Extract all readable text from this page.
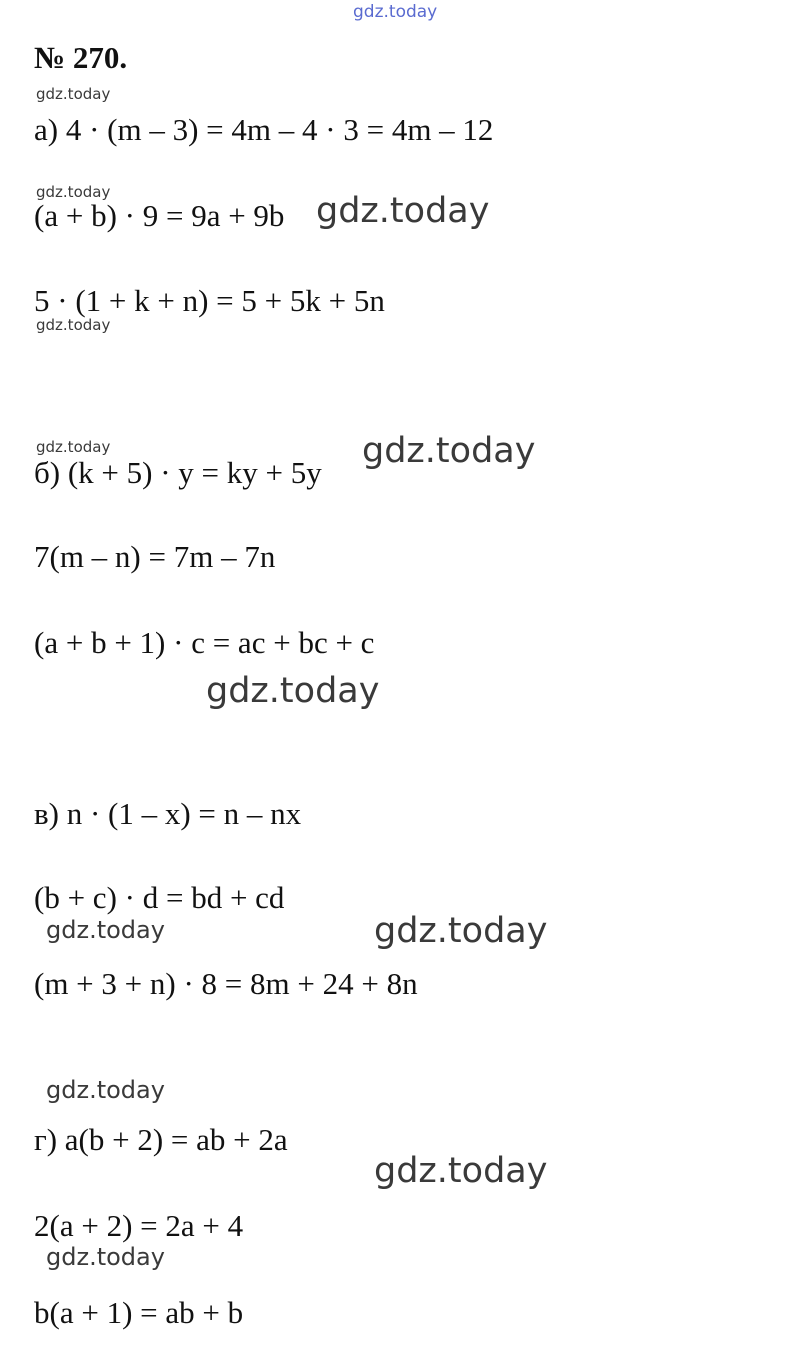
gdz.today
№ 270.
а) 4 · (m – 3) = 4m – 4 · 3 = 4m – 12
(a + b) · 9 = 9a + 9b
5 · (1 + k + n) = 5 + 5k + 5n
б) (k + 5) · y = ky + 5y
7(m – n) = 7m – 7n
(a + b + 1) · c = ac + bc + c
в) n · (1 – x) = n – nx
(b + c) · d = bd + cd
(m + 3 + n) · 8 = 8m + 24 + 8n
г) a(b + 2) = ab + 2a
2(a + 2) = 2a + 4
b(a + 1) = ab + b
gdz.today
gdz.today	gdz.today
gdz.today
gdz.today	gdz.today
gdz.today
gdz.today	gdz.today
gdz.today
gdz.today
gdz.today
